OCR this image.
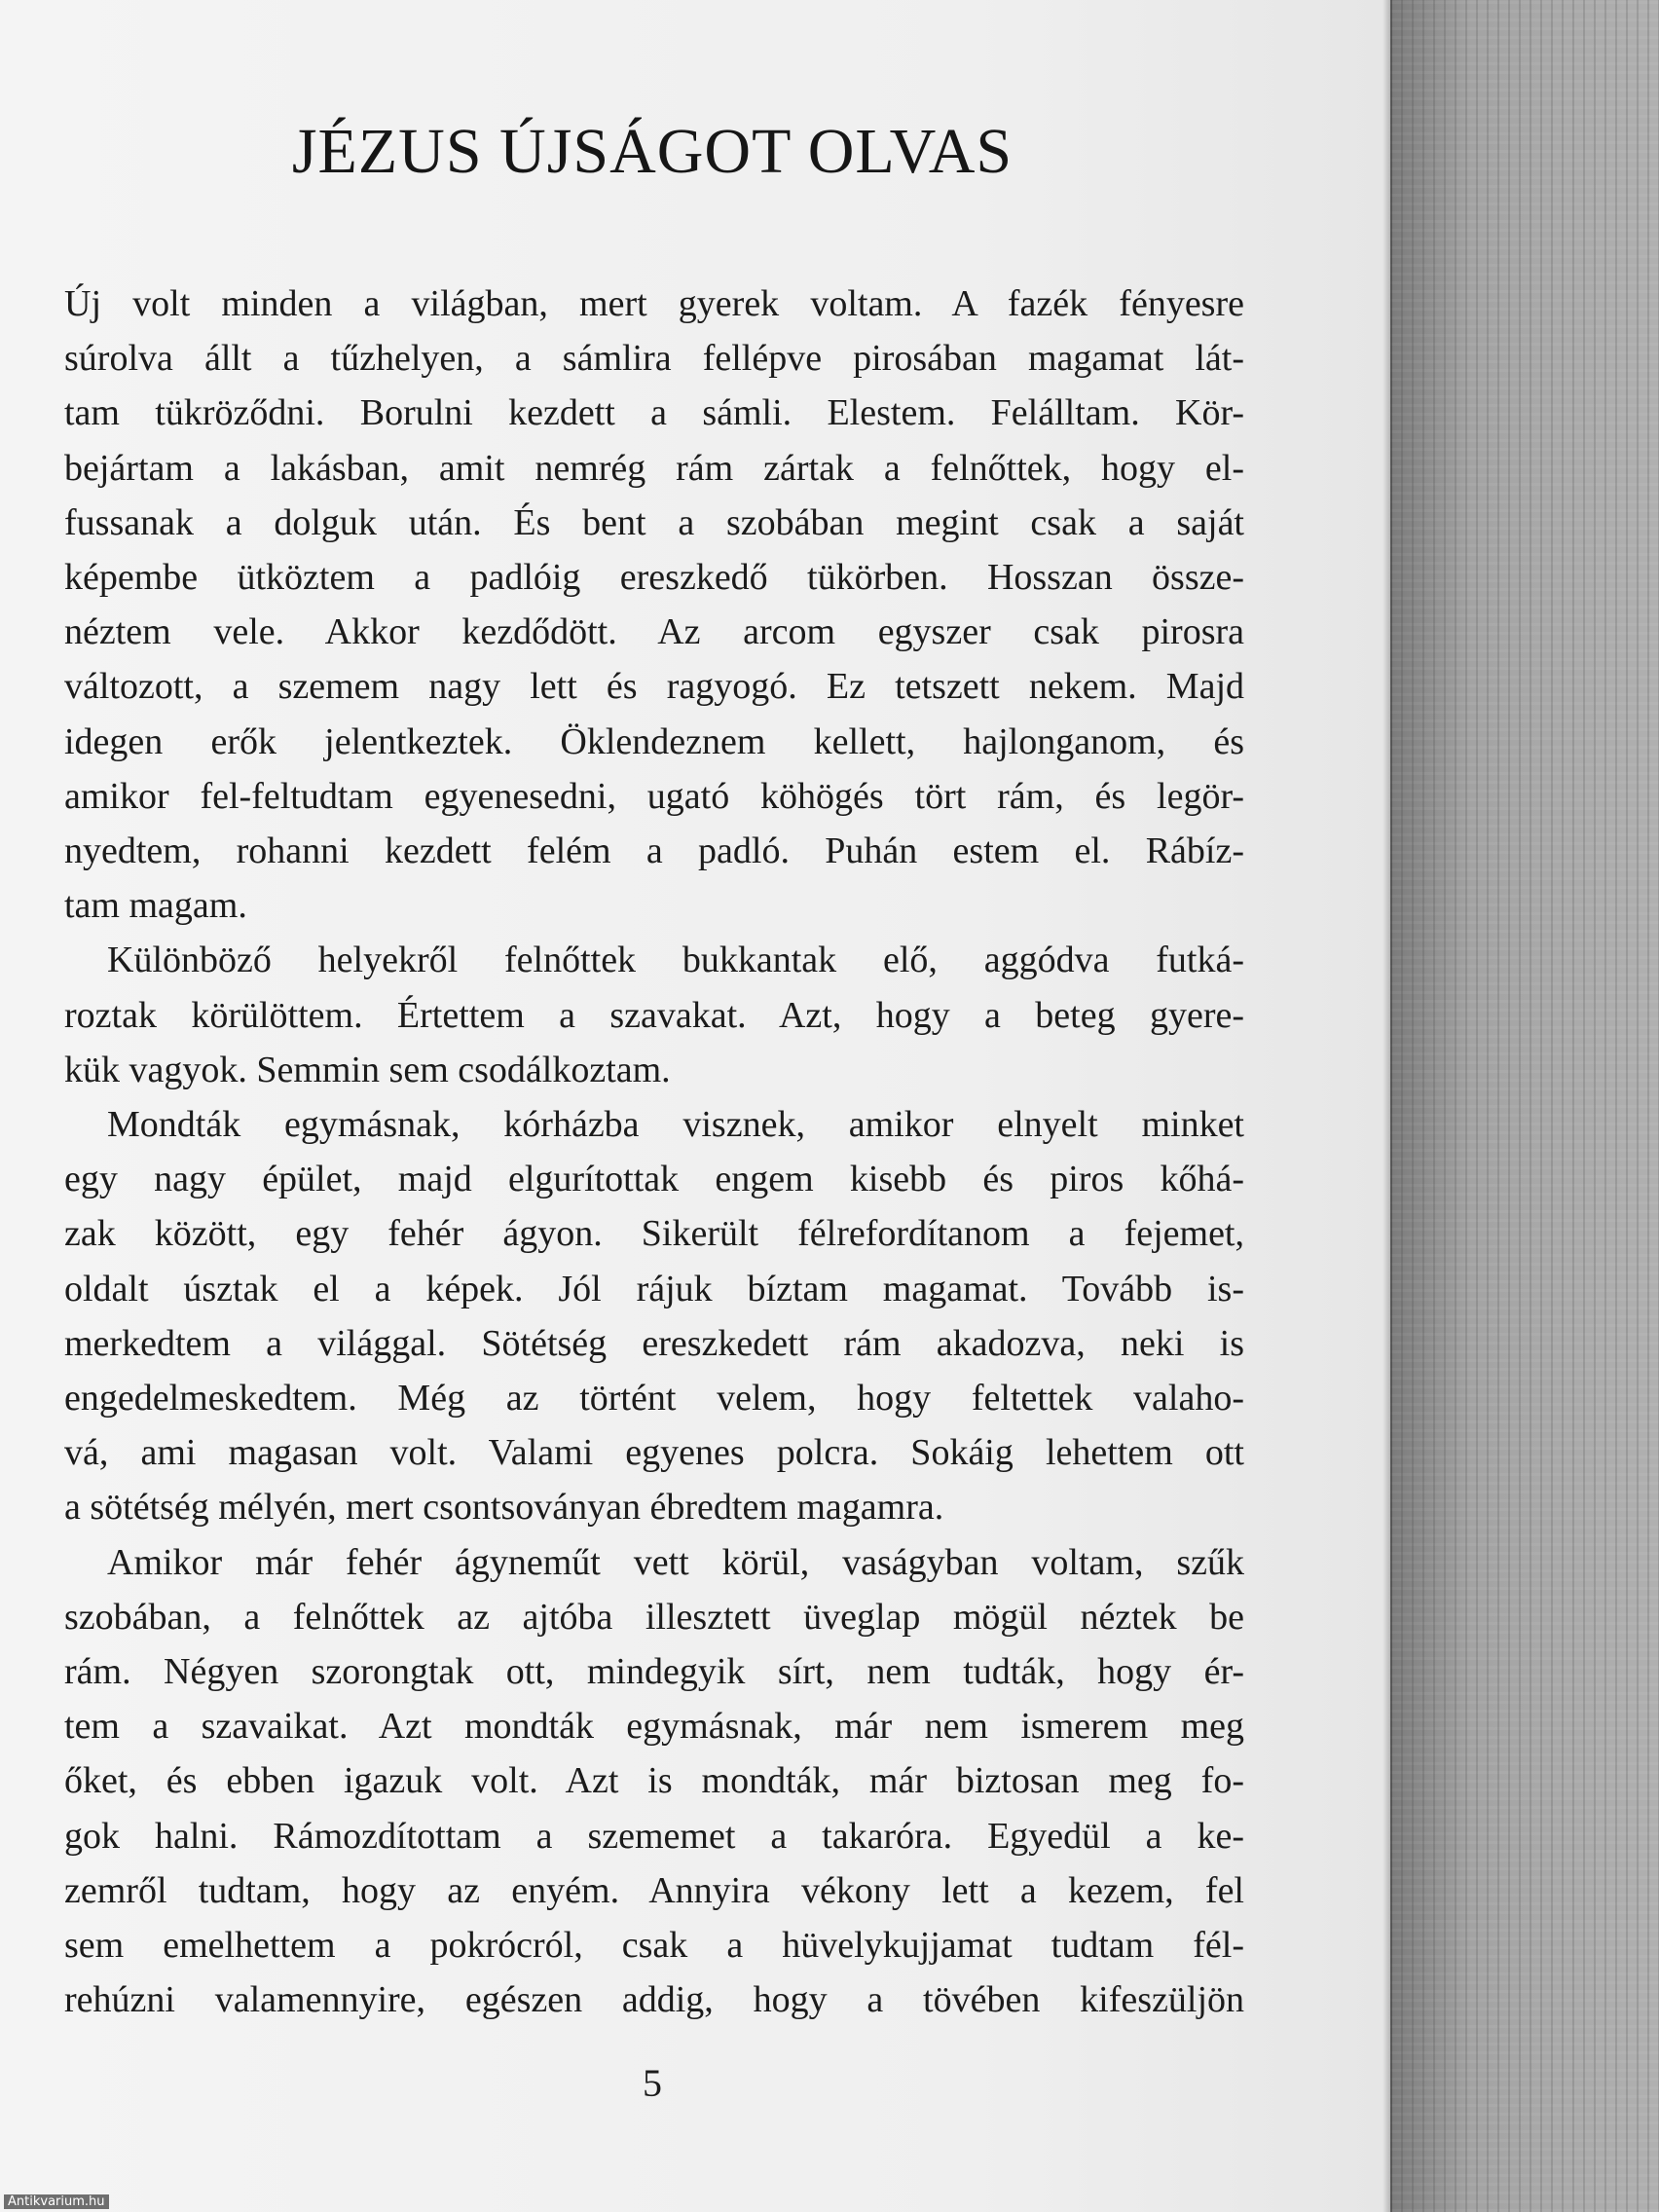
JÉZUS ÚJSÁGOT OLVAS
Új volt minden a világban, mert gyerek voltam. A fazék fényesre
súrolva állt a tűzhelyen, a sámlira fellépve pirosában magamat lát-
tam tükröződni. Borulni kezdett a sámli. Elestem. Felálltam. Kör-
bejártam a lakásban, amit nemrég rám zártak a felnőttek, hogy el-
fussanak a dolguk után. És bent a szobában megint csak a saját
képembe ütköztem a padlóig ereszkedő tükörben. Hosszan össze-
néztem vele. Akkor kezdődött. Az arcom egyszer csak pirosra
változott, a szemem nagy lett és ragyogó. Ez tetszett nekem. Majd
idegen erők jelentkeztek. Öklendeznem kellett, hajlonganom, és
amikor fel-feltudtam egyenesedni, ugató köhögés tört rám, és legör-
nyedtem, rohanni kezdett felém a padló. Puhán estem el. Rábíz-
tam magam.
Különböző helyekről felnőttek bukkantak elő, aggódva futká-
roztak körülöttem. Értettem a szavakat. Azt, hogy a beteg gyere-
kük vagyok. Semmin sem csodálkoztam.
Mondták egymásnak, kórházba visznek, amikor elnyelt minket
egy nagy épület, majd elgurítottak engem kisebb és piros kőhá-
zak között, egy fehér ágyon. Sikerült félrefordítanom a fejemet,
oldalt úsztak el a képek. Jól rájuk bíztam magamat. Tovább is-
merkedtem a világgal. Sötétség ereszkedett rám akadozva, neki is
engedelmeskedtem. Még az történt velem, hogy feltettek valaho-
vá, ami magasan volt. Valami egyenes polcra. Sokáig lehettem ott
a sötétség mélyén, mert csontsoványan ébredtem magamra.
Amikor már fehér ágyneműt vett körül, vaságyban voltam, szűk
szobában, a felnőttek az ajtóba illesztett üveglap mögül néztek be
rám. Négyen szorongtak ott, mindegyik sírt, nem tudták, hogy ér-
tem a szavaikat. Azt mondták egymásnak, már nem ismerem meg
őket, és ebben igazuk volt. Azt is mondták, már biztosan meg fo-
gok halni. Rámozdítottam a szememet a takaróra. Egyedül a ke-
zemről tudtam, hogy az enyém. Annyira vékony lett a kezem, fel
sem emelhettem a pokrócról, csak a hüvelykujjamat tudtam fél-
rehúzni valamennyire, egészen addig, hogy a tövében kifeszüljön
5
Antikvarium.hu
